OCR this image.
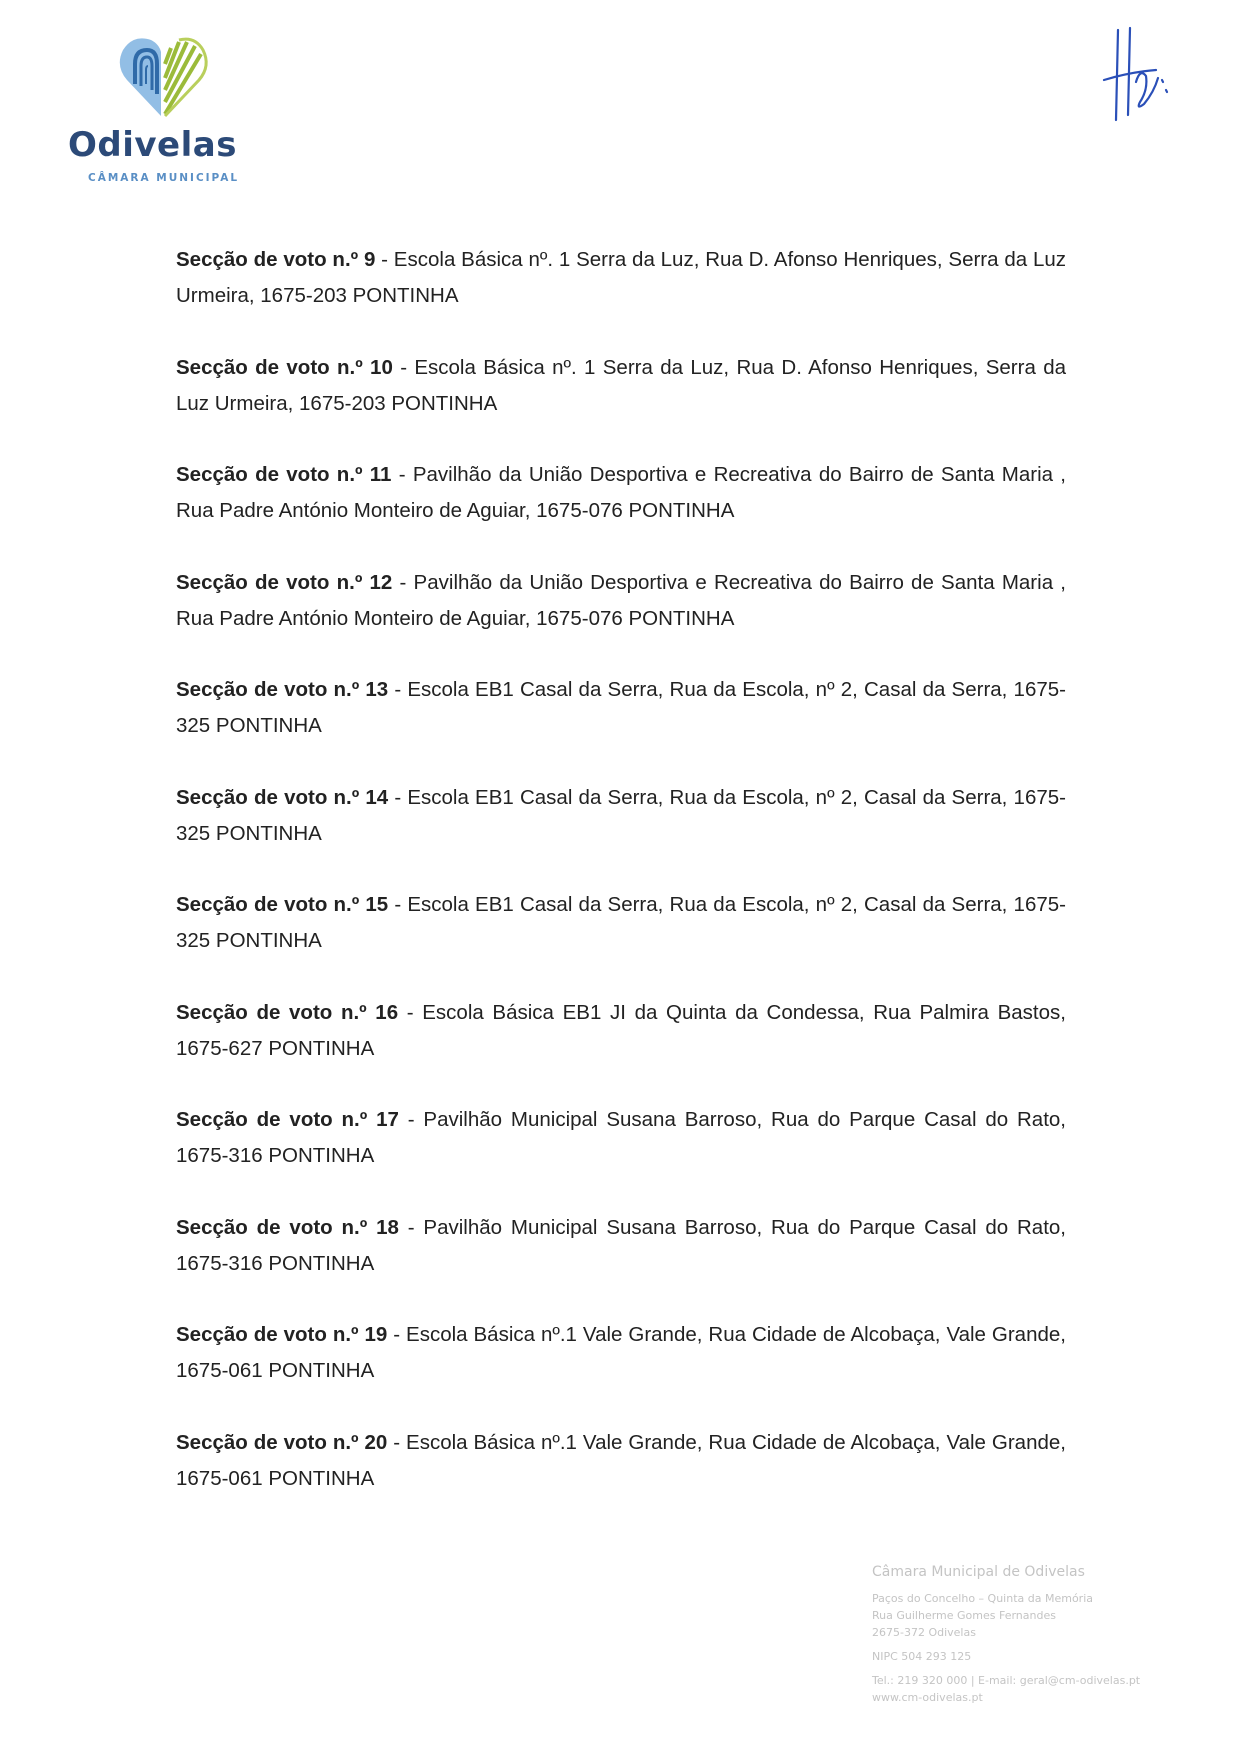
Odivelas
CÂMARA MUNICIPAL

Secção de voto n.º 9 - Escola Básica nº. 1 Serra da Luz, Rua D. Afonso Henriques, Serra da Luz Urmeira, 1675-203 PONTINHA

Secção de voto n.º 10 - Escola Básica nº. 1 Serra da Luz, Rua D. Afonso Henriques, Serra da Luz Urmeira, 1675-203 PONTINHA

Secção de voto n.º 11 - Pavilhão da União Desportiva e Recreativa do Bairro de Santa Maria , Rua Padre António Monteiro de Aguiar, 1675-076 PONTINHA

Secção de voto n.º 12 - Pavilhão da União Desportiva e Recreativa do Bairro de Santa Maria , Rua Padre António Monteiro de Aguiar, 1675-076 PONTINHA

Secção de voto n.º 13 - Escola EB1 Casal da Serra, Rua da Escola, nº 2, Casal da Serra, 1675-325 PONTINHA

Secção de voto n.º 14 - Escola EB1 Casal da Serra, Rua da Escola, nº 2, Casal da Serra, 1675-325 PONTINHA

Secção de voto n.º 15 - Escola EB1 Casal da Serra, Rua da Escola, nº 2, Casal da Serra, 1675-325 PONTINHA

Secção de voto n.º 16 - Escola Básica EB1 JI da Quinta da Condessa, Rua Palmira Bastos, 1675-627 PONTINHA

Secção de voto n.º 17 - Pavilhão Municipal Susana Barroso, Rua do Parque Casal do Rato, 1675-316 PONTINHA

Secção de voto n.º 18 - Pavilhão Municipal Susana Barroso, Rua do Parque Casal do Rato, 1675-316 PONTINHA

Secção de voto n.º 19 - Escola Básica nº.1 Vale Grande, Rua Cidade de Alcobaça, Vale Grande, 1675-061 PONTINHA

Secção de voto n.º 20 - Escola Básica nº.1 Vale Grande, Rua Cidade de Alcobaça, Vale Grande, 1675-061 PONTINHA

Câmara Municipal de Odivelas
Paços do Concelho – Quinta da Memória
Rua Guilherme Gomes Fernandes
2675-372 Odivelas
NIPC 504 293 125
Tel.: 219 320 000 | E-mail: geral@cm-odivelas.pt
www.cm-odivelas.pt
